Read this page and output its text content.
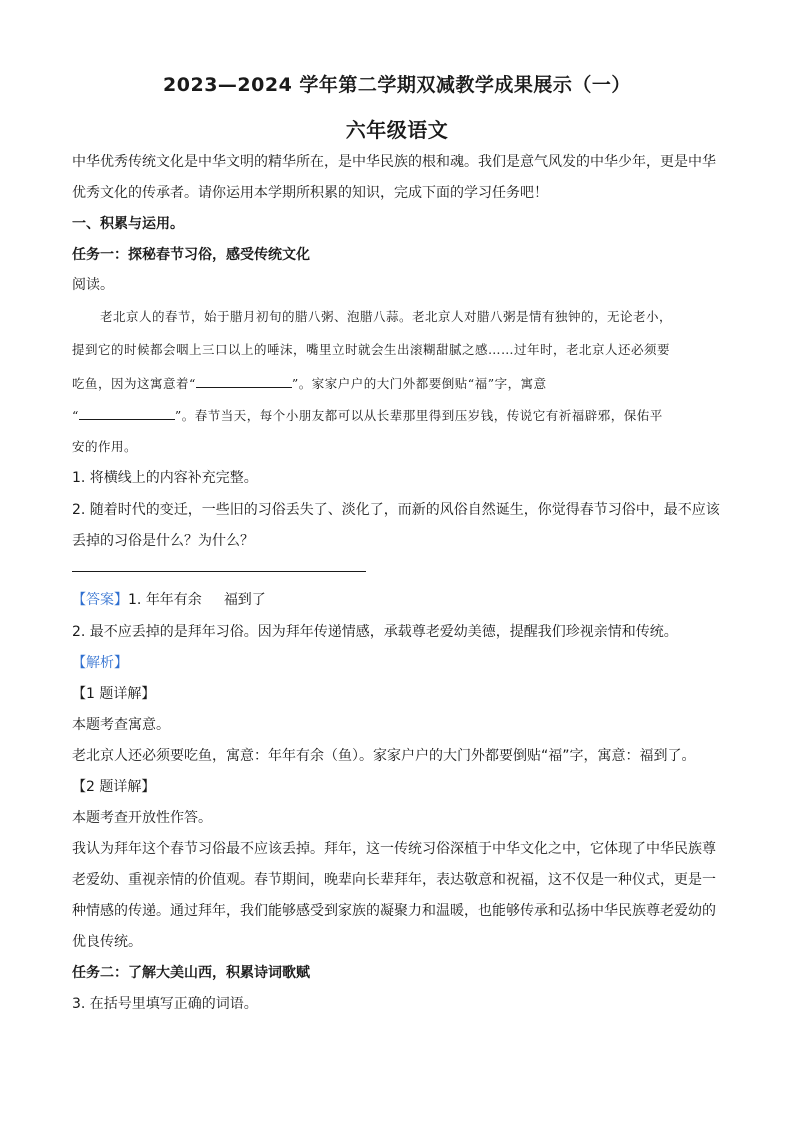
2023—2024 学年第二学期双减教学成果展示（一）
六年级语文
中华优秀传统文化是中华文明的精华所在，是中华民族的根和魂。我们是意气风发的中华少年，更是中华
优秀文化的传承者。请你运用本学期所积累的知识，完成下面的学习任务吧！
一、积累与运用。
任务一：探秘春节习俗，感受传统文化
阅读。
老北京人的春节，始于腊月初旬的腊八粥、泡腊八蒜。老北京人对腊八粥是情有独钟的，无论老小，
提到它的时候都会咽上三口以上的唾沫，嘴里立时就会生出滚糊甜腻之感……过年时，老北京人还必须要
吃鱼，因为这寓意着“	”。家家户户的大门外都要倒贴“福”字，寓意
“	”。春节当天，每个小朋友都可以从长辈那里得到压岁钱，传说它有祈福辟邪，保佑平
安的作用。
1. 将横线上的内容补充完整。
2. 随着时代的变迁，一些旧的习俗丢失了、淡化了，而新的风俗自然诞生，你觉得春节习俗中，最不应该
丢掉的习俗是什么？为什么？
【答案】1. 年年有余 福到了
2. 最不应丢掉的是拜年习俗。因为拜年传递情感，承载尊老爱幼美德，提醒我们珍视亲情和传统。
【解析】
【1 题详解】
本题考查寓意。
老北京人还必须要吃鱼，寓意：年年有余（鱼）。家家户户的大门外都要倒贴“福”字，寓意：福到了。
【2 题详解】
本题考查开放性作答。
我认为拜年这个春节习俗最不应该丢掉。拜年，这一传统习俗深植于中华文化之中，它体现了中华民族尊
老爱幼、重视亲情的价值观。春节期间，晚辈向长辈拜年，表达敬意和祝福，这不仅是一种仪式，更是一
种情感的传递。通过拜年，我们能够感受到家族的凝聚力和温暖，也能够传承和弘扬中华民族尊老爱幼的
优良传统。
任务二：了解大美山西，积累诗词歌赋
3. 在括号里填写正确的词语。
